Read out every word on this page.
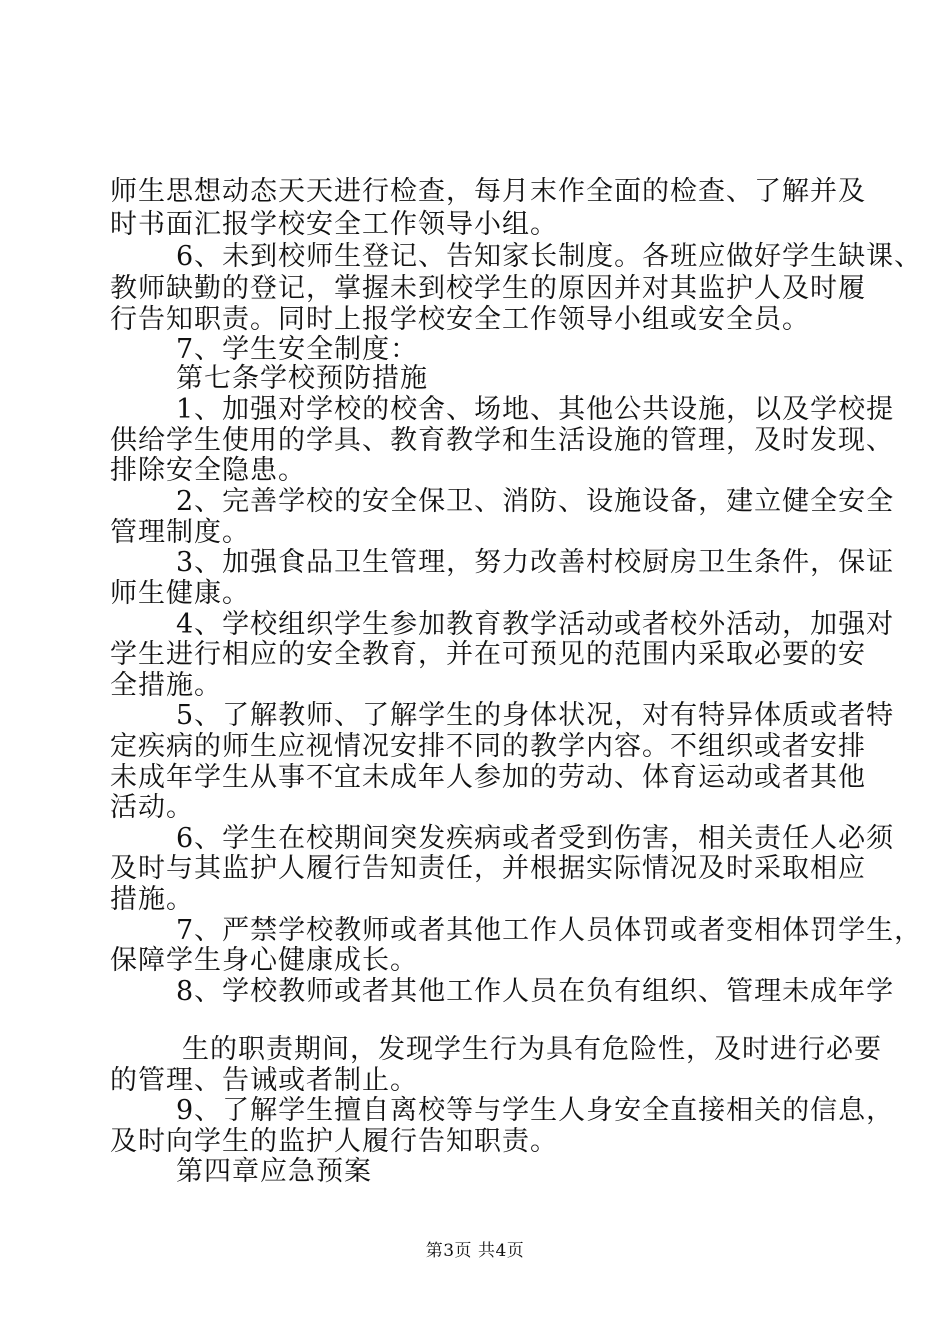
师生思想动态天天进行检查，每月末作全面的检查、了解并及
时书面汇报学校安全工作领导小组。
6、未到校师生登记、告知家长制度。各班应做好学生缺课、
教师缺勤的登记，掌握未到校学生的原因并对其监护人及时履
行告知职责。同时上报学校安全工作领导小组或安全员。
7、学生安全制度：
第七条学校预防措施
1、加强对学校的校舍、场地、其他公共设施，以及学校提
供给学生使用的学具、教育教学和生活设施的管理，及时发现、
排除安全隐患。
2、完善学校的安全保卫、消防、设施设备，建立健全安全
管理制度。
3、加强食品卫生管理，努力改善村校厨房卫生条件，保证
师生健康。
4、学校组织学生参加教育教学活动或者校外活动，加强对
学生进行相应的安全教育，并在可预见的范围内采取必要的安
全措施。
5、了解教师、了解学生的身体状况，对有特异体质或者特
定疾病的师生应视情况安排不同的教学内容。不组织或者安排
未成年学生从事不宜未成年人参加的劳动、体育运动或者其他
活动。
6、学生在校期间突发疾病或者受到伤害，相关责任人必须
及时与其监护人履行告知责任，并根据实际情况及时采取相应
措施。
7、严禁学校教师或者其他工作人员体罚或者变相体罚学生，
保障学生身心健康成长。
8、学校教师或者其他工作人员在负有组织、管理未成年学
生的职责期间，发现学生行为具有危险性，及时进行必要
的管理、告诫或者制止。
9、了解学生擅自离校等与学生人身安全直接相关的信息，
及时向学生的监护人履行告知职责。
第四章应急预案
第3页 共4页
